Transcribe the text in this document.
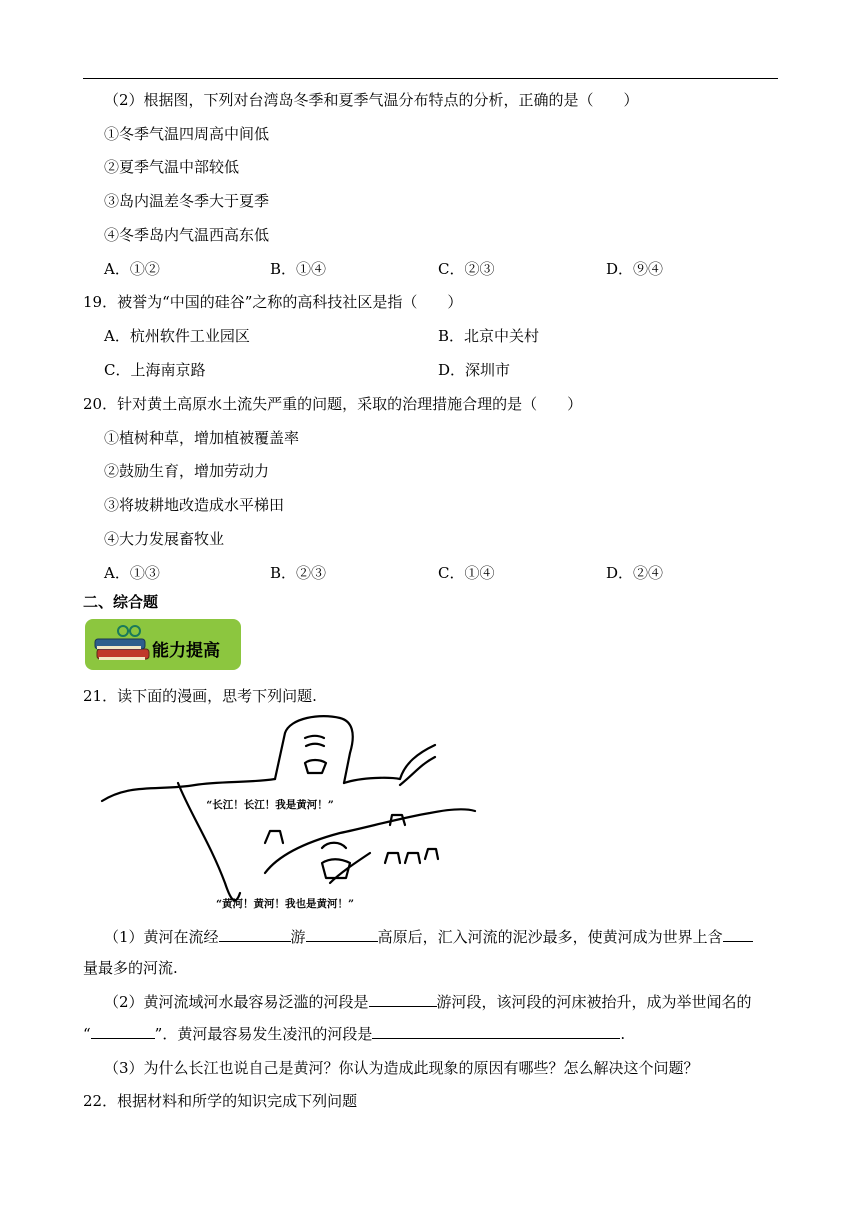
（2）根据图，下列对台湾岛冬季和夏季气温分布特点的分析，正确的是（　　）
①冬季气温四周高中间低
②夏季气温中部较低
③岛内温差冬季大于夏季
④冬季岛内气温西高东低
A．①②	B．①④	C．②③	D．⑨④
19．被誉为“中国的硅谷”之称的高科技社区是指（　　）
A．杭州软件工业园区	B．北京中关村
C．上海南京路	D．深圳市
20．针对黄土高原水土流失严重的问题，采取的治理措施合理的是（　　）
①植树种草，增加植被覆盖率
②鼓励生育，增加劳动力
③将坡耕地改造成水平梯田
④大力发展畜牧业
A．①③	B．②③	C．①④	D．②④
二、综合题
能力提高
21．读下面的漫画，思考下列问题.
“长江！长江！我是黄河！”
“黄河！黄河！我也是黄河！”
（1）黄河在流经	游	高原后，汇入河流的泥沙最多，使黄河成为世界上含
量最多的河流.
（2）黄河流域河水最容易泛滥的河段是	游河段，该河段的河床被抬升，成为举世闻名的
“	”．黄河最容易发生凌汛的河段是	.
（3）为什么长江也说自己是黄河？你认为造成此现象的原因有哪些？怎么解决这个问题？
22．根据材料和所学的知识完成下列问题
